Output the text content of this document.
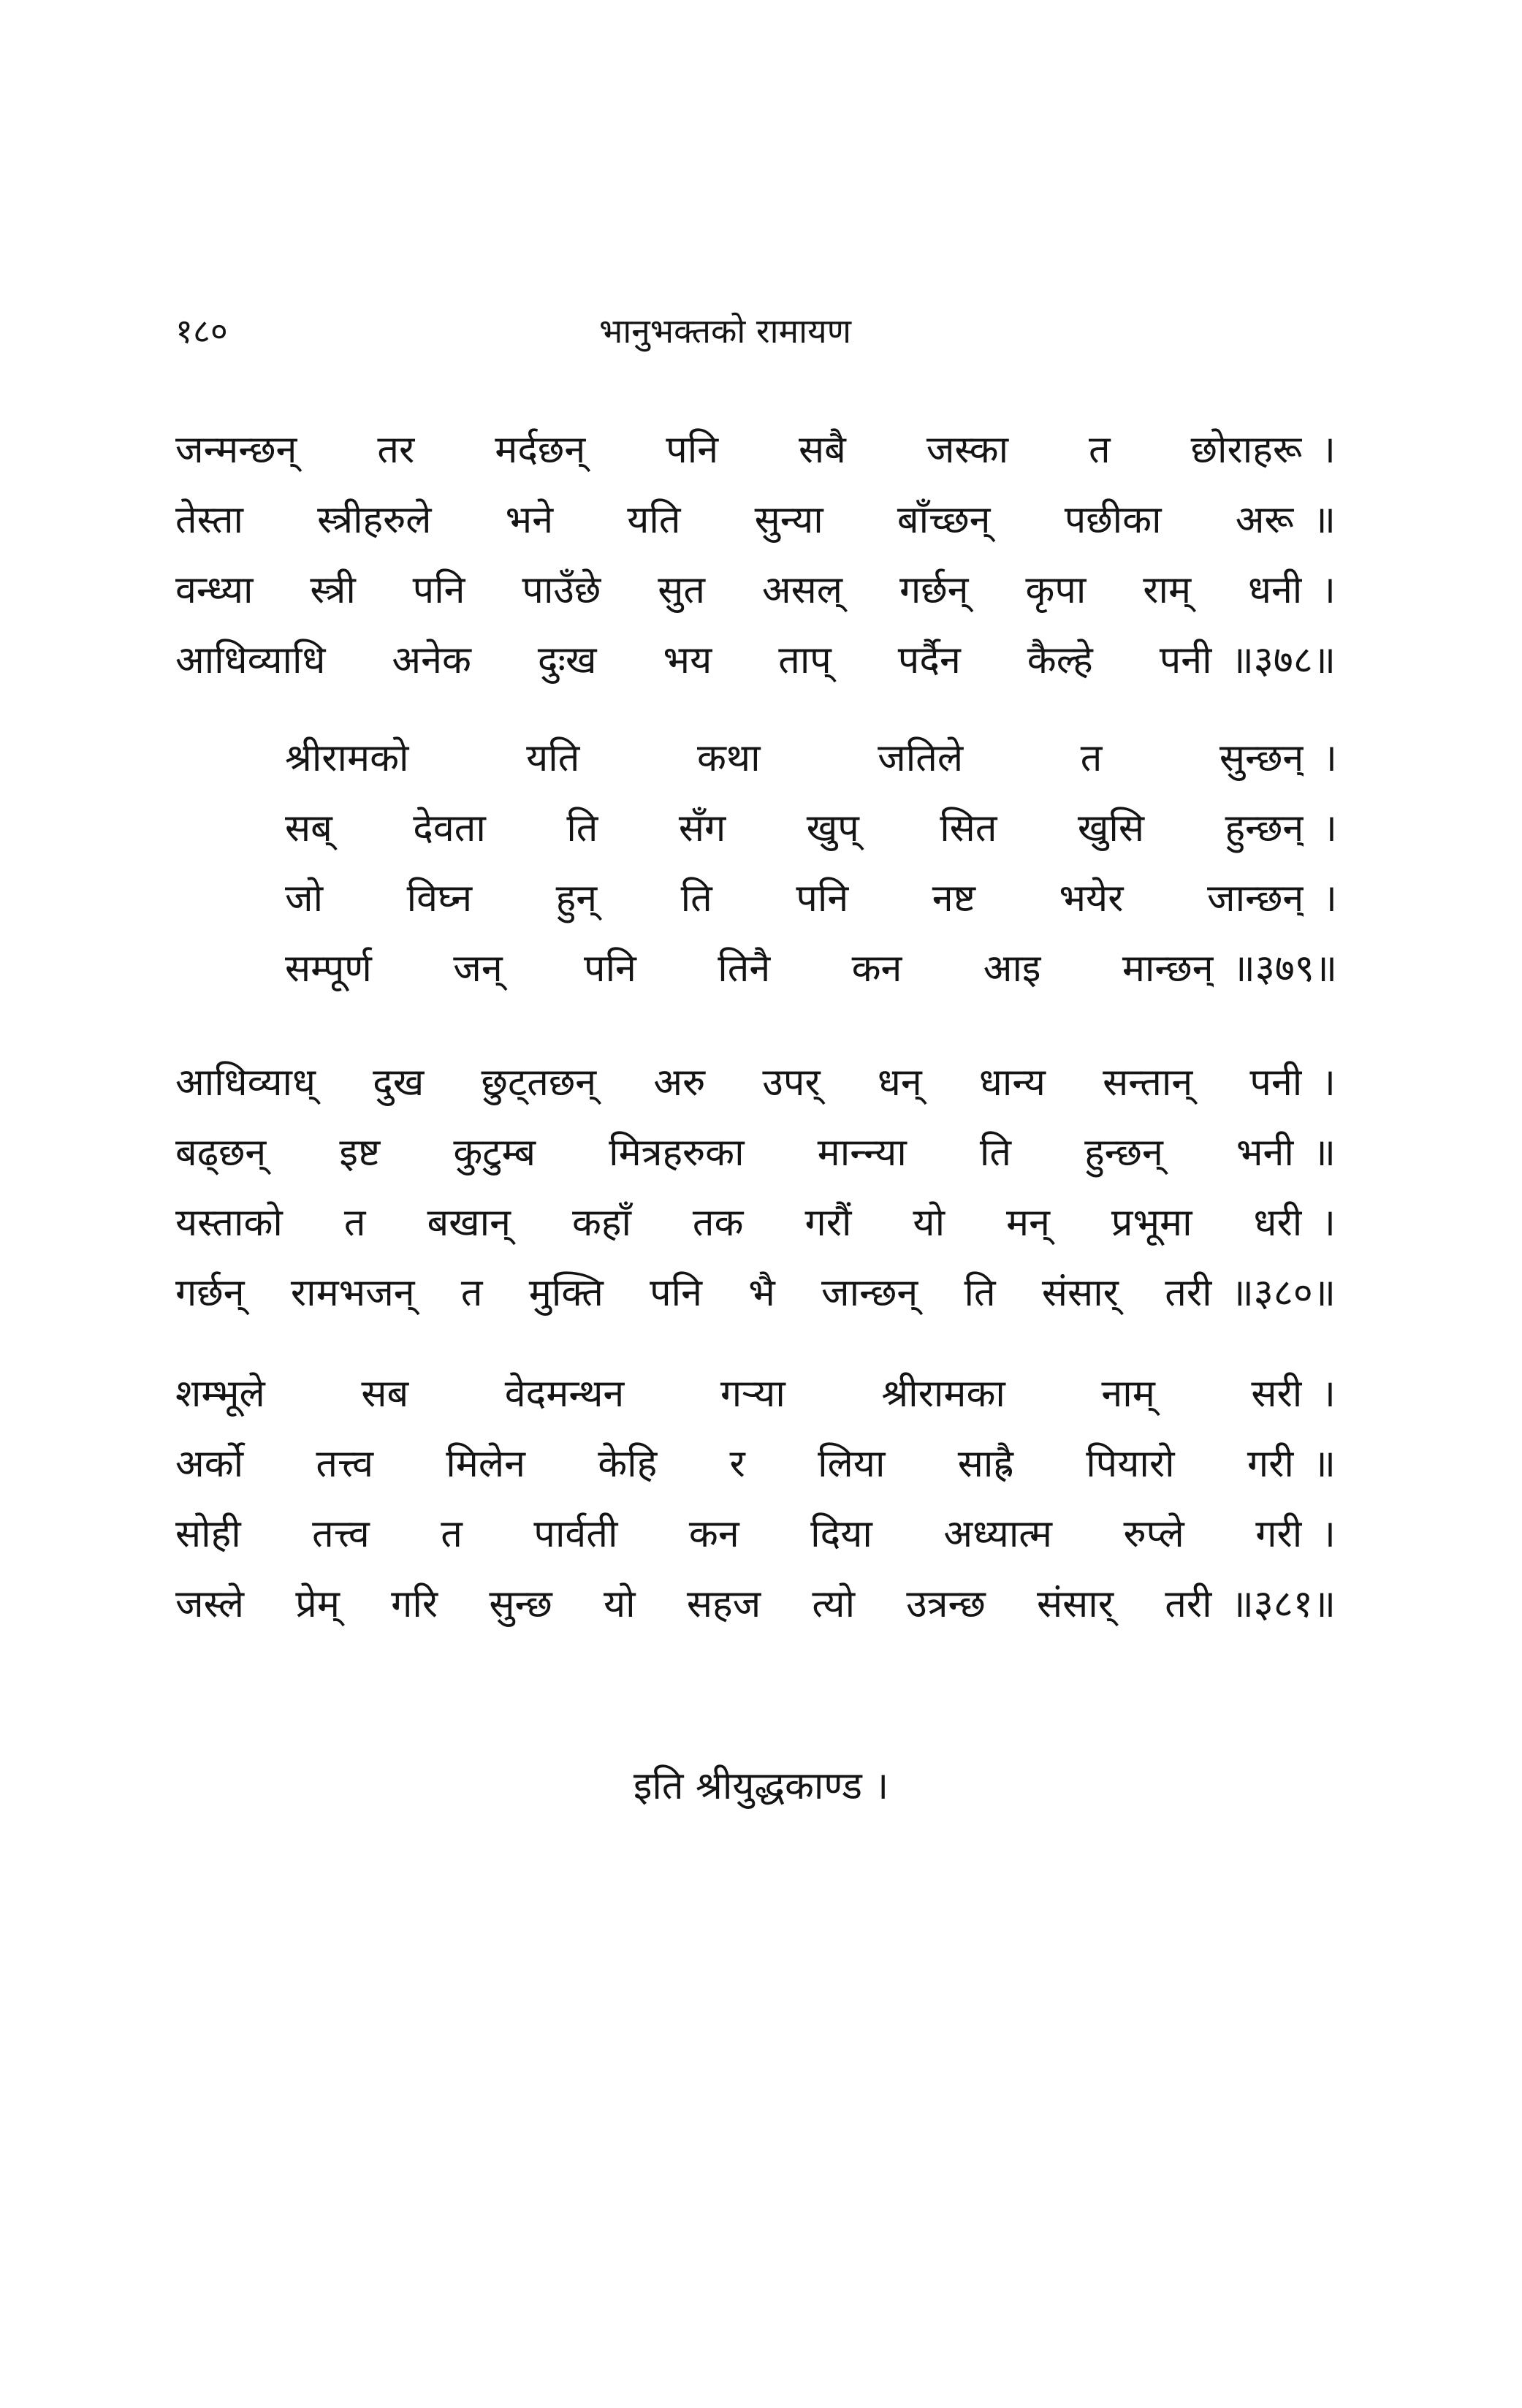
१८०	भानुभक्तको रामायण
जन्मन्छन् तर मर्दछन् पनि सबै जस्का त छोराहरू ।
तेस्ता स्त्रीहरुले भने यति सुन्या बाँच्छन् पछीका अरू ॥
वन्ध्या स्त्री पनि पाउँछे सुत असल् गर्छन् कृपा राम् धनी ।
आधिव्याधि अनेक दुःख भय ताप् पर्दैन कैल्हे पनी ॥३७८॥
श्रीरामको यति कथा जतिले त सुन्छन् ।
सब् देवता ति सँग खुप् सित खुसि हुन्छन् ।
जो विघ्न हुन् ति पनि नष्ट भयेर जान्छन् ।
सम्पूर्ण जन् पनि तिनै कन आइ मान्छन् ॥३७९॥
आधिव्याध् दुख छुट्तछन् अरु उपर् धन् धान्य सन्तान् पनी ।
बढ्छन् इष्ट कुटुम्ब मित्रहरुका मान्न्या ति हुन्छन् भनी ॥
यस्ताको त बखान् कहाँ तक गरौं यो मन् प्रभूमा धरी ।
गर्छन् रामभजन् त मुक्ति पनि भै जान्छन् ति संसार् तरी ॥३८०॥
शम्भूले सब वेदमन्थन गऱ्या श्रीरामका नाम् सरी ।
अर्को तत्त्व मिलेन केहि र लिया साह्रै पियारो गरी ॥
सोही तत्त्व त पार्वती कन दिया अध्यात्म रुप्ले गरी ।
जस्ले प्रेम् गरि सुन्छ यो सहज त्यो उत्रन्छ संसार् तरी ॥३८१॥
इति श्रीयुद्धकाण्ड ।
